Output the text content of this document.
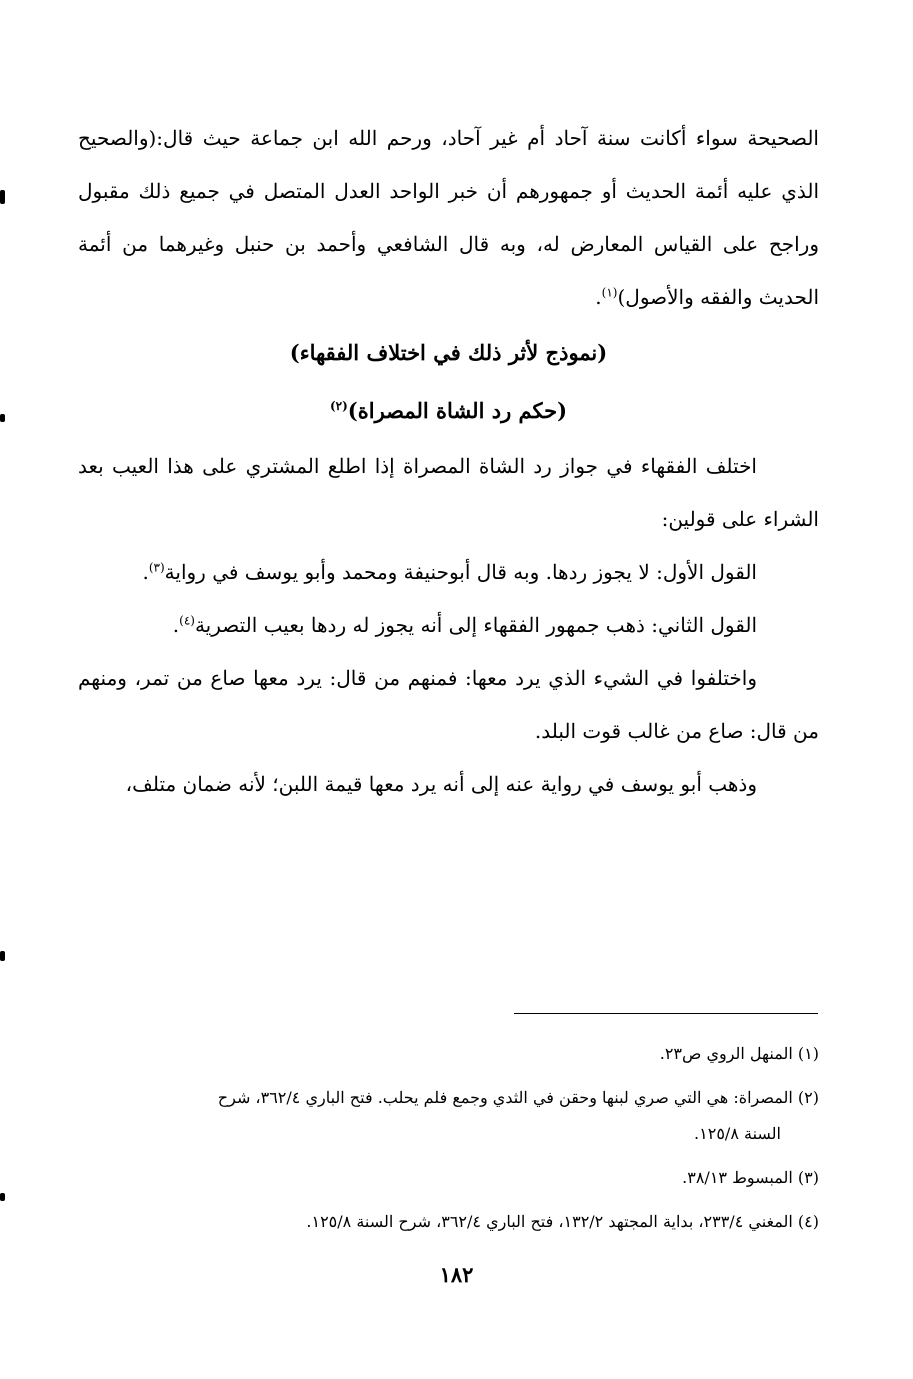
الصحيحة سواء أكانت سنة آحاد أم غير آحاد، ورحم الله ابن جماعة حيث قال:(والصحيح الذي عليه أئمة الحديث أو جمهورهم أن خبر الواحد العدل المتصل في جميع ذلك مقبول وراجح على القياس المعارض له، وبه قال الشافعي وأحمد بن حنبل وغيرهما من أئمة الحديث والفقه والأصول)$^{(١)}$.

(نموذج لأثر ذلك في اختلاف الفقهاء)

(حكم رد الشاة المصراة)$^{(٢)}$

اختلف الفقهاء في جواز رد الشاة المصراة إذا اطلع المشتري على هذا العيب بعد الشراء على قولين:

القول الأول: لا يجوز ردها. وبه قال أبوحنيفة ومحمد وأبو يوسف في رواية$^{(٣)}$.

القول الثاني: ذهب جمهور الفقهاء إلى أنه يجوز له ردها بعيب التصرية$^{(٤)}$.

واختلفوا في الشيء الذي يرد معها: فمنهم من قال: يرد معها صاع من تمر، ومنهم من قال: صاع من غالب قوت البلد.

وذهب أبو يوسف في رواية عنه إلى أنه يرد معها قيمة اللبن؛ لأنه ضمان متلف،

(١) المنهل الروي ص٢٣.

(٢) المصراة: هي التي صري لبنها وحقن في الثدي وجمع فلم يحلب. فتح الباري ٣٦٢/٤، شرح
السنة ١٢٥/٨.

(٣) المبسوط ٣٨/١٣.

(٤) المغني ٢٣٣/٤، بداية المجتهد ١٣٢/٢، فتح الباري ٣٦٢/٤، شرح السنة ١٢٥/٨.

١٨٢
